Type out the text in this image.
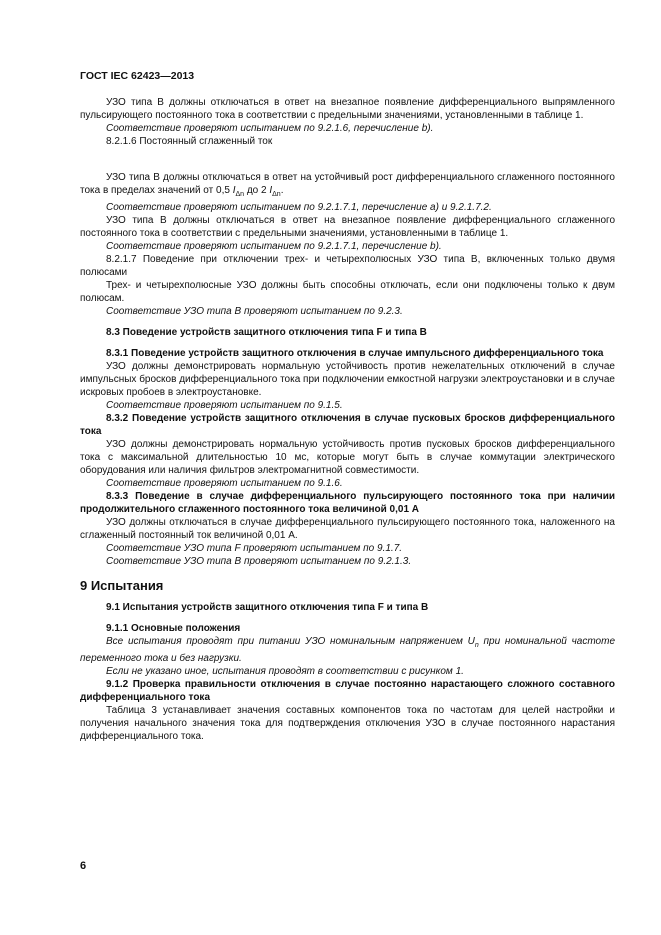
ГОСТ IEC 62423—2013

УЗО типа В должны отключаться в ответ на внезапное появление дифференциального выпрямленного пульсирующего постоянного тока в соответствии с предельными значениями, установленными в таблице 1.

Соответствие проверяют испытанием по 9.2.1.6, перечисление b).

8.2.1.6 Постоянный сглаженный ток

УЗО типа В должны отключаться в ответ на устойчивый рост дифференциального сглаженного постоянного тока в пределах значений от 0,5 $I_{\Delta n}$ до 2 $I_{\Delta n}$.

Соответствие проверяют испытанием по 9.2.1.7.1, перечисление а) и 9.2.1.7.2.

УЗО типа В должны отключаться в ответ на внезапное появление дифференциального сглаженного постоянного тока в соответствии с предельными значениями, установленными в таблице 1.

Соответствие проверяют испытанием по 9.2.1.7.1, перечисление b).

8.2.1.7 Поведение при отключении трех- и четырехполюсных УЗО типа В, включенных только двумя полюсами

Трех- и четырехполюсные УЗО должны быть способны отключать, если они подключены только к двум полюсам.

Соответствие УЗО типа В проверяют испытанием по 9.2.3.

8.3 Поведение устройств защитного отключения типа F и типа В

8.3.1 Поведение устройств защитного отключения в случае импульсного дифференциального тока

УЗО должны демонстрировать нормальную устойчивость против нежелательных отключений в случае импульсных бросков дифференциального тока при подключении емкостной нагрузки электроустановки и в случае искровых пробоев в электроустановке.

Соответствие проверяют испытанием по 9.1.5.

8.3.2 Поведение устройств защитного отключения в случае пусковых бросков дифференциального тока

УЗО должны демонстрировать нормальную устойчивость против пусковых бросков дифференциального тока с максимальной длительностью 10 мс, которые могут быть в случае коммутации электрического оборудования или наличия фильтров электромагнитной совместимости.

Соответствие проверяют испытанием по 9.1.6.

8.3.3 Поведение в случае дифференциального пульсирующего постоянного тока при наличии продолжительного сглаженного постоянного тока величиной 0,01 А

УЗО должны отключаться в случае дифференциального пульсирующего постоянного тока, наложенного на сглаженный постоянный ток величиной 0,01 А.

Соответствие УЗО типа F проверяют испытанием по 9.1.7.

Соответствие УЗО типа В проверяют испытанием по 9.2.1.3.

9 Испытания

9.1 Испытания устройств защитного отключения типа F и типа В

9.1.1 Основные положения

Все испытания проводят при питании УЗО номинальным напряжением $U_n$ при номинальной частоте переменного тока и без нагрузки.

Если не указано иное, испытания проводят в соответствии с рисунком 1.

9.1.2 Проверка правильности отключения в случае постоянно нарастающего сложного составного дифференциального тока

Таблица 3 устанавливает значения составных компонентов тока по частотам для целей настройки и получения начального значения тока для подтверждения отключения УЗО в случае постоянного нарастания дифференциального тока.

6
